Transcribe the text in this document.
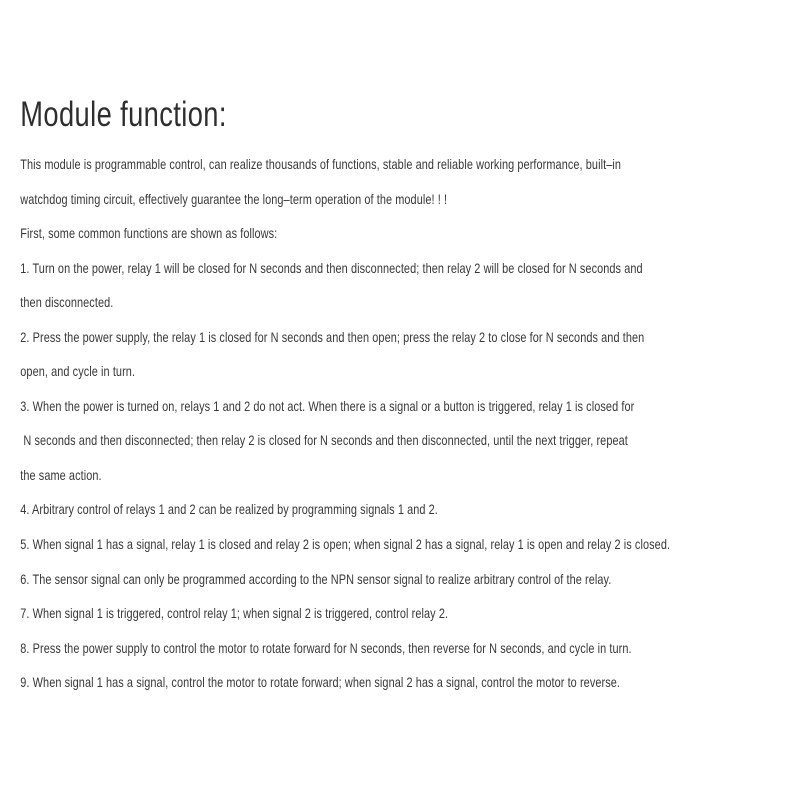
Module function:
This module is programmable control, can realize thousands of functions, stable and reliable working performance, built–in
watchdog timing circuit, effectively guarantee the long–term operation of the module! ! !
First, some common functions are shown as follows:
1. Turn on the power, relay 1 will be closed for N seconds and then disconnected; then relay 2 will be closed for N seconds and
then disconnected.
2. Press the power supply, the relay 1 is closed for N seconds and then open; press the relay 2 to close for N seconds and then
open, and cycle in turn.
3. When the power is turned on, relays 1 and 2 do not act. When there is a signal or a button is triggered, relay 1 is closed for
N seconds and then disconnected; then relay 2 is closed for N seconds and then disconnected, until the next trigger, repeat
the same action.
4. Arbitrary control of relays 1 and 2 can be realized by programming signals 1 and 2.
5. When signal 1 has a signal, relay 1 is closed and relay 2 is open; when signal 2 has a signal, relay 1 is open and relay 2 is closed.
6. The sensor signal can only be programmed according to the NPN sensor signal to realize arbitrary control of the relay.
7. When signal 1 is triggered, control relay 1; when signal 2 is triggered, control relay 2.
8. Press the power supply to control the motor to rotate forward for N seconds, then reverse for N seconds, and cycle in turn.
9. When signal 1 has a signal, control the motor to rotate forward; when signal 2 has a signal, control the motor to reverse.
